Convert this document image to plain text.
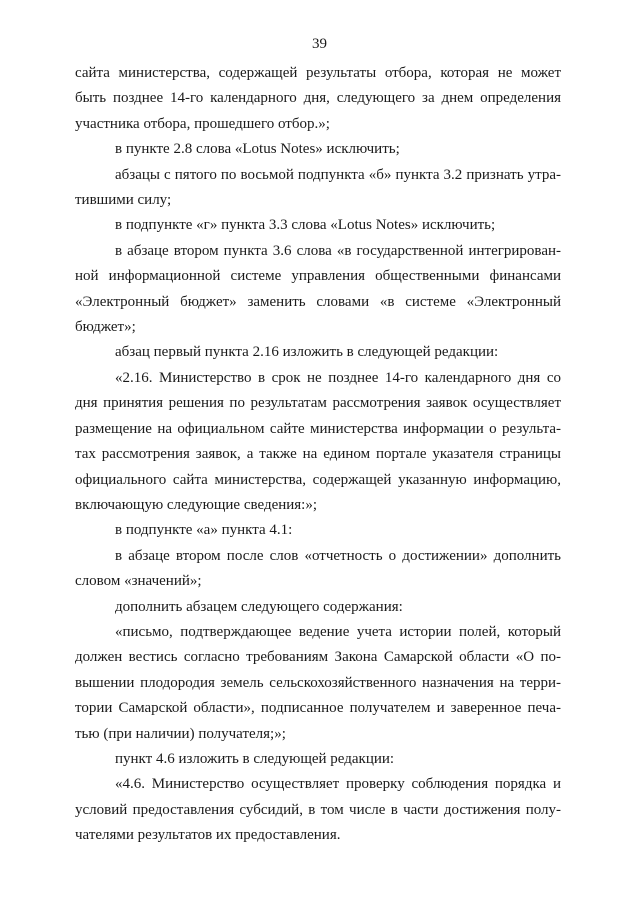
39

сайта министерства, содержащей результаты отбора, которая не может
быть позднее 14-го календарного дня, следующего за днем определения
участника отбора, прошедшего отбор.»;

в пункте 2.8 слова «Lotus Notes» исключить;

абзацы с пятого по восьмой подпункта «б» пункта 3.2 признать утра-
тившими силу;

в подпункте «г» пункта 3.3 слова «Lotus Notes» исключить;

в абзаце втором пункта 3.6 слова «в государственной интегрирован-
ной информационной системе управления общественными финансами
«Электронный бюджет» заменить словами «в системе «Электронный
бюджет»;

абзац первый пункта 2.16 изложить в следующей редакции:

«2.16. Министерство в срок не позднее 14-го календарного дня со
дня принятия решения по результатам рассмотрения заявок осуществляет
размещение на официальном сайте министерства информации о результа-
тах рассмотрения заявок, а также на едином портале указателя страницы
официального сайта министерства, содержащей указанную информацию,
включающую следующие сведения:»;

в подпункте «а» пункта 4.1:

в абзаце втором после слов «отчетность о достижении» дополнить
словом «значений»;

дополнить абзацем следующего содержания:

«письмо, подтверждающее ведение учета истории полей, который
должен вестись согласно требованиям Закона Самарской области «О по-
вышении плодородия земель сельскохозяйственного назначения на терри-
тории Самарской области», подписанное получателем и заверенное печа-
тью (при наличии) получателя;»;

пункт 4.6 изложить в следующей редакции:

«4.6. Министерство осуществляет проверку соблюдения порядка и
условий предоставления субсидий, в том числе в части достижения полу-
чателями результатов их предоставления.
